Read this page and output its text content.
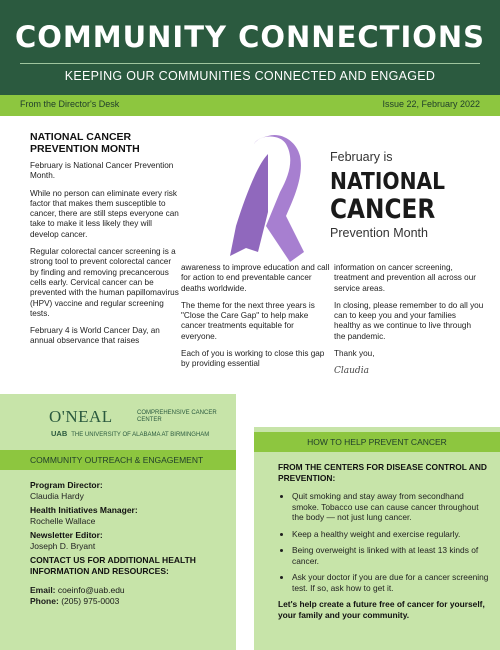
COMMUNITY CONNECTIONS
KEEPING OUR COMMUNITIES CONNECTED AND ENGAGED
From the Director's Desk	Issue 22, February 2022
NATIONAL CANCER PREVENTION MONTH

February is National Cancer Prevention Month.

While no person can eliminate every risk factor that makes them susceptible to cancer, there are still steps everyone can take to make it less likely they will develop cancer.

Regular colorectal cancer screening is a strong tool to prevent colorectal cancer by finding and removing precancerous cells early. Cervical cancer can be prevented with the human papillomavirus (HPV) vaccine and regular screening tests.

February 4 is World Cancer Day, an annual observance that raises

February is
NATIONAL
CANCER
Prevention Month

awareness to improve education and call for action to end preventable cancer deaths worldwide.

The theme for the next three years is "Close the Care Gap" to help make cancer treatments equitable for everyone.

Each of you is working to close this gap by providing essential

information on cancer screening, treatment and prevention all across our service areas.

In closing, please remember to do all you can to keep you and your families healthy as we continue to live through the pandemic.

Thank you,

Claudia
O'NEAL	COMPREHENSIVE CANCER CENTER
UAB THE UNIVERSITY OF ALABAMA AT BIRMINGHAM
COMMUNITY OUTREACH & ENGAGEMENT
Program Director:
Claudia Hardy
Health Initiatives Manager:
Rochelle Wallace
Newsletter Editor:
Joseph D. Bryant
CONTACT US FOR ADDITIONAL HEALTH INFORMATION AND RESOURCES:
Email: coeinfo@uab.edu
Phone: (205) 975-0003
HOW TO HELP PREVENT CANCER
FROM THE CENTERS FOR DISEASE CONTROL AND PREVENTION:
• Quit smoking and stay away from secondhand smoke. Tobacco use can cause cancer throughout the body — not just lung cancer.
• Keep a healthy weight and exercise regularly.
• Being overweight is linked with at least 13 kinds of cancer.
• Ask your doctor if you are due for a cancer screening test. If so, ask how to get it.
Let's help create a future free of cancer for yourself, your family and your community.
